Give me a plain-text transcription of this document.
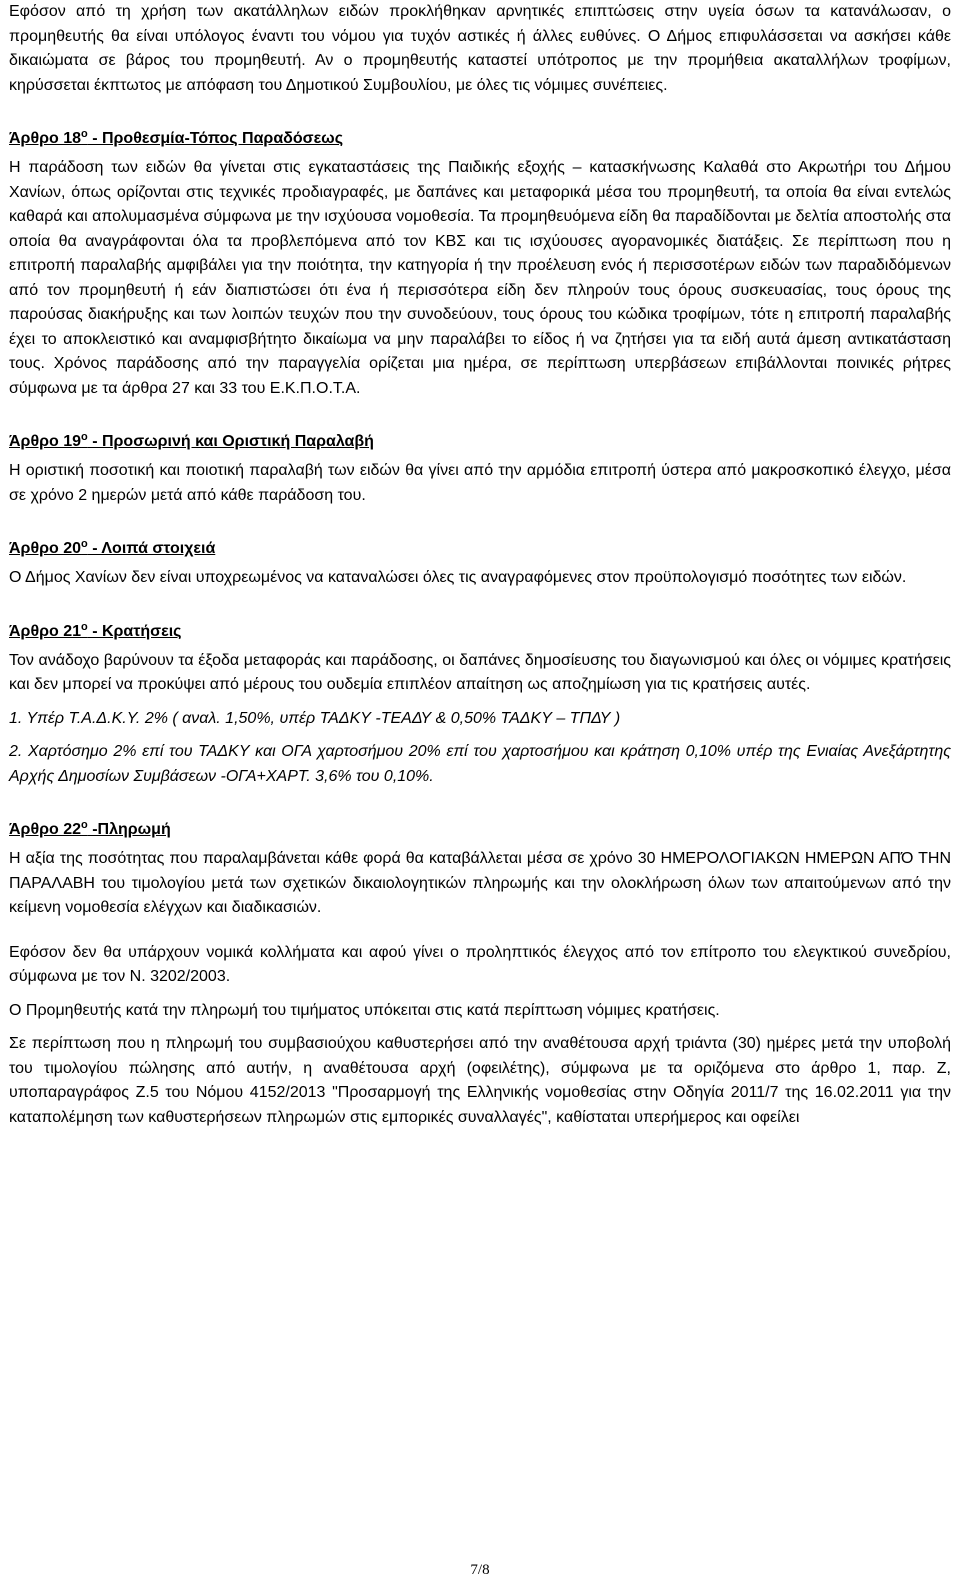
Εφόσον από τη χρήση των ακατάλληλων ειδών προκλήθηκαν αρνητικές επιπτώσεις στην υγεία όσων τα κατανάλωσαν, ο προμηθευτής θα είναι υπόλογος έναντι του νόμου για τυχόν αστικές ή άλλες ευθύνες. Ο Δήμος επιφυλάσσεται να ασκήσει κάθε δικαιώματα σε βάρος του προμηθευτή. Αν ο προμηθευτής καταστεί υπότροπος με την προμήθεια ακαταλλήλων τροφίμων, κηρύσσεται έκπτωτος με απόφαση του Δημοτικού Συμβουλίου, με όλες τις νόμιμες συνέπειες.

Άρθρο $18^o - \Pi\rho o\theta\varepsilon\sigma\mu ί\alpha-Tό\pi o\varsigma$ Παραδόσεως

Η παράδοση των ειδών θα γίνεται στις εγκαταστάσεις της Παιδικής εξοχής – κατασκήνωσης Καλαθά στο Ακρωτήρι του Δήμου Χανίων, όπως ορίζονται στις τεχνικές προδιαγραφές, με δαπάνες και μεταφορικά μέσα του προμηθευτή, τα οποία θα είναι εντελώς καθαρά και απολυμασμένα σύμφωνα με την ισχύουσα νομοθεσία. Τα προμηθευόμενα είδη θα παραδίδονται με δελτία αποστολής στα οποία θα αναγράφονται όλα τα προβλεπόμενα από τον ΚΒΣ και τις ισχύουσες αγορανομικές διατάξεις. Σε περίπτωση που η επιτροπή παραλαβής αμφιβάλει για την ποιότητα, την κατηγορία ή την προέλευση ενός ή περισσοτέρων ειδών των παραδιδόμενων από τον προμηθευτή ή εάν διαπιστώσει ότι ένα ή περισσότερα είδη δεν πληρούν τους όρους συσκευασίας, τους όρους της παρούσας διακήρυξης και των λοιπών τευχών που την συνοδεύουν, τους όρους του κώδικα τροφίμων, τότε η επιτροπή παραλαβής έχει το αποκλειστικό και αναμφισβήτητο δικαίωμα να μην παραλάβει το είδος ή να ζητήσει για τα ειδή αυτά άμεση αντικατάσταση τους. Χρόνος παράδοσης από την παραγγελία ορίζεται μια ημέρα, σε περίπτωση υπερβάσεων επιβάλλονται ποινικές ρήτρες σύμφωνα με τα άρθρα 27 και 33 του Ε.Κ.Π.Ο.Τ.Α.

Άρθρο $19^o$ - Προσωρινή και Οριστική Παραλαβή

Η οριστική ποσοτική και ποιοτική παραλαβή των ειδών θα γίνει από την αρμόδια επιτροπή ύστερα από μακροσκοπικό έλεγχο, μέσα σε χρόνο 2 ημερών μετά από κάθε παράδοση του.

Άρθρο $20^o$ - Λοιπά στοιχειά

Ο Δήμος Χανίων δεν είναι υποχρεωμένος να καταναλώσει όλες τις αναγραφόμενες στον προϋπολογισμό ποσότητες των ειδών.

Άρθρο $21^o$ - Κρατήσεις

Τον ανάδοχο βαρύνουν τα έξοδα μεταφοράς και παράδοσης, οι δαπάνες δημοσίευσης του διαγωνισμού και όλες οι νόμιμες κρατήσεις και δεν μπορεί να προκύψει από μέρους του ουδεμία επιπλέον απαίτηση ως αποζημίωση για τις κρατήσεις αυτές.

1. Υπέρ Τ.Α.Δ.Κ.Υ. 2% ( αναλ. 1,50%, υπέρ ΤΑΔΚΥ -ΤΕΑΔΥ & 0,50% ΤΑΔΚΥ – ΤΠΔΥ )

2. Χαρτόσημο 2% επί του ΤΑΔΚΥ και ΟΓΑ χαρτοσήμου 20% επί του χαρτοσήμου και κράτηση 0,10% υπέρ της Ενιαίας Ανεξάρτητης Αρχής Δημοσίων Συμβάσεων -ΟΓΑ+ΧΑΡΤ. 3,6% του 0,10%.

Άρθρο $22^o$ -Πληρωμή

Η αξία της ποσότητας που παραλαμβάνεται κάθε φορά θα καταβάλλεται μέσα σε χρόνο 30 ΗΜΕΡΟΛΟΓΙΑΚΩΝ ΗΜΕΡΩΝ ΑΠΌ ΤΗΝ ΠΑΡΑΛΑΒΗ του τιμολογίου μετά των σχετικών δικαιολογητικών πληρωμής και την ολοκλήρωση όλων των απαιτούμενων από την κείμενη νομοθεσία ελέγχων και διαδικασιών.

Εφόσον δεν θα υπάρχουν νομικά κολλήματα και αφού γίνει ο προληπτικός έλεγχος από τον επίτροπο του ελεγκτικού συνεδρίου, σύμφωνα με τον Ν. 3202/2003.

Ο Προμηθευτής κατά την πληρωμή του τιμήματος υπόκειται στις κατά περίπτωση νόμιμες κρατήσεις.

Σε περίπτωση που η πληρωμή του συμβασιούχου καθυστερήσει από την αναθέτουσα αρχή τριάντα (30) ημέρες μετά την υποβολή του τιμολογίου πώλησης από αυτήν, η αναθέτουσα αρχή (οφειλέτης), σύμφωνα με τα οριζόμενα στο άρθρο 1, παρ. Ζ, υποπαραγράφος Ζ.5 του Νόμου 4152/2013 "Προσαρμογή της Ελληνικής νομοθεσίας στην Οδηγία 2011/7 της 16.02.2011 για την καταπολέμηση των καθυστερήσεων πληρωμών στις εμπορικές συναλλαγές", καθίσταται υπερήμερος και οφείλει

7/8
